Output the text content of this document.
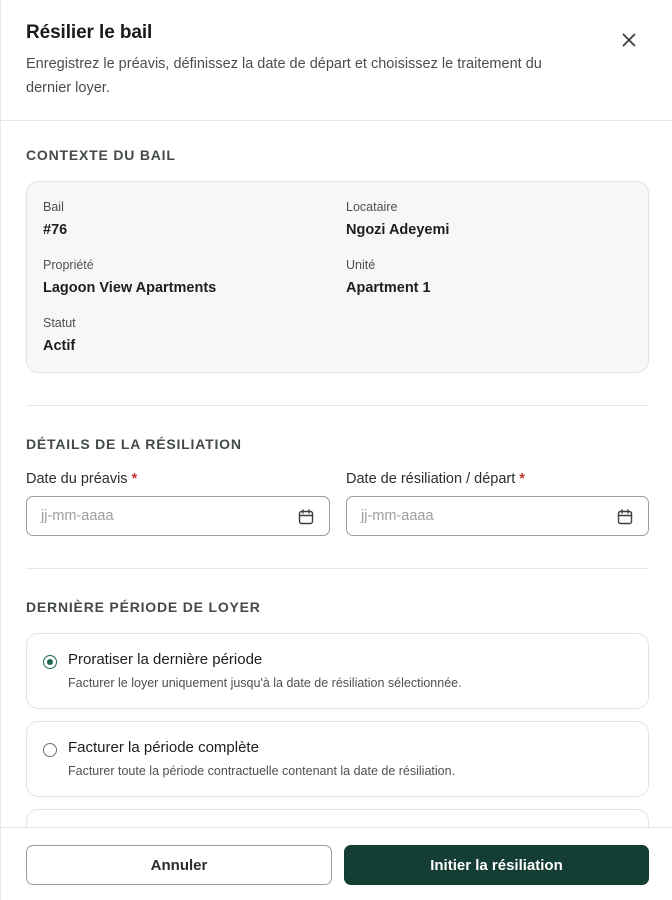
Résilier le bail
Enregistrez le préavis, définissez la date de départ et choisissez le traitement du dernier loyer.
CONTEXTE DU BAIL
Bail
#76
Locataire
Ngozi Adeyemi
Propriété
Lagoon View Apartments
Unité
Apartment 1
Statut
Actif
DÉTAILS DE LA RÉSILIATION
Date du préavis *
jj-mm-aaaa
Date de résiliation / départ *
jj-mm-aaaa
DERNIÈRE PÉRIODE DE LOYER
Proratiser la dernière période
Facturer le loyer uniquement jusqu'à la date de résiliation sélectionnée.
Facturer la période complète
Facturer toute la période contractuelle contenant la date de résiliation.
Annuler	Initier la résiliation
